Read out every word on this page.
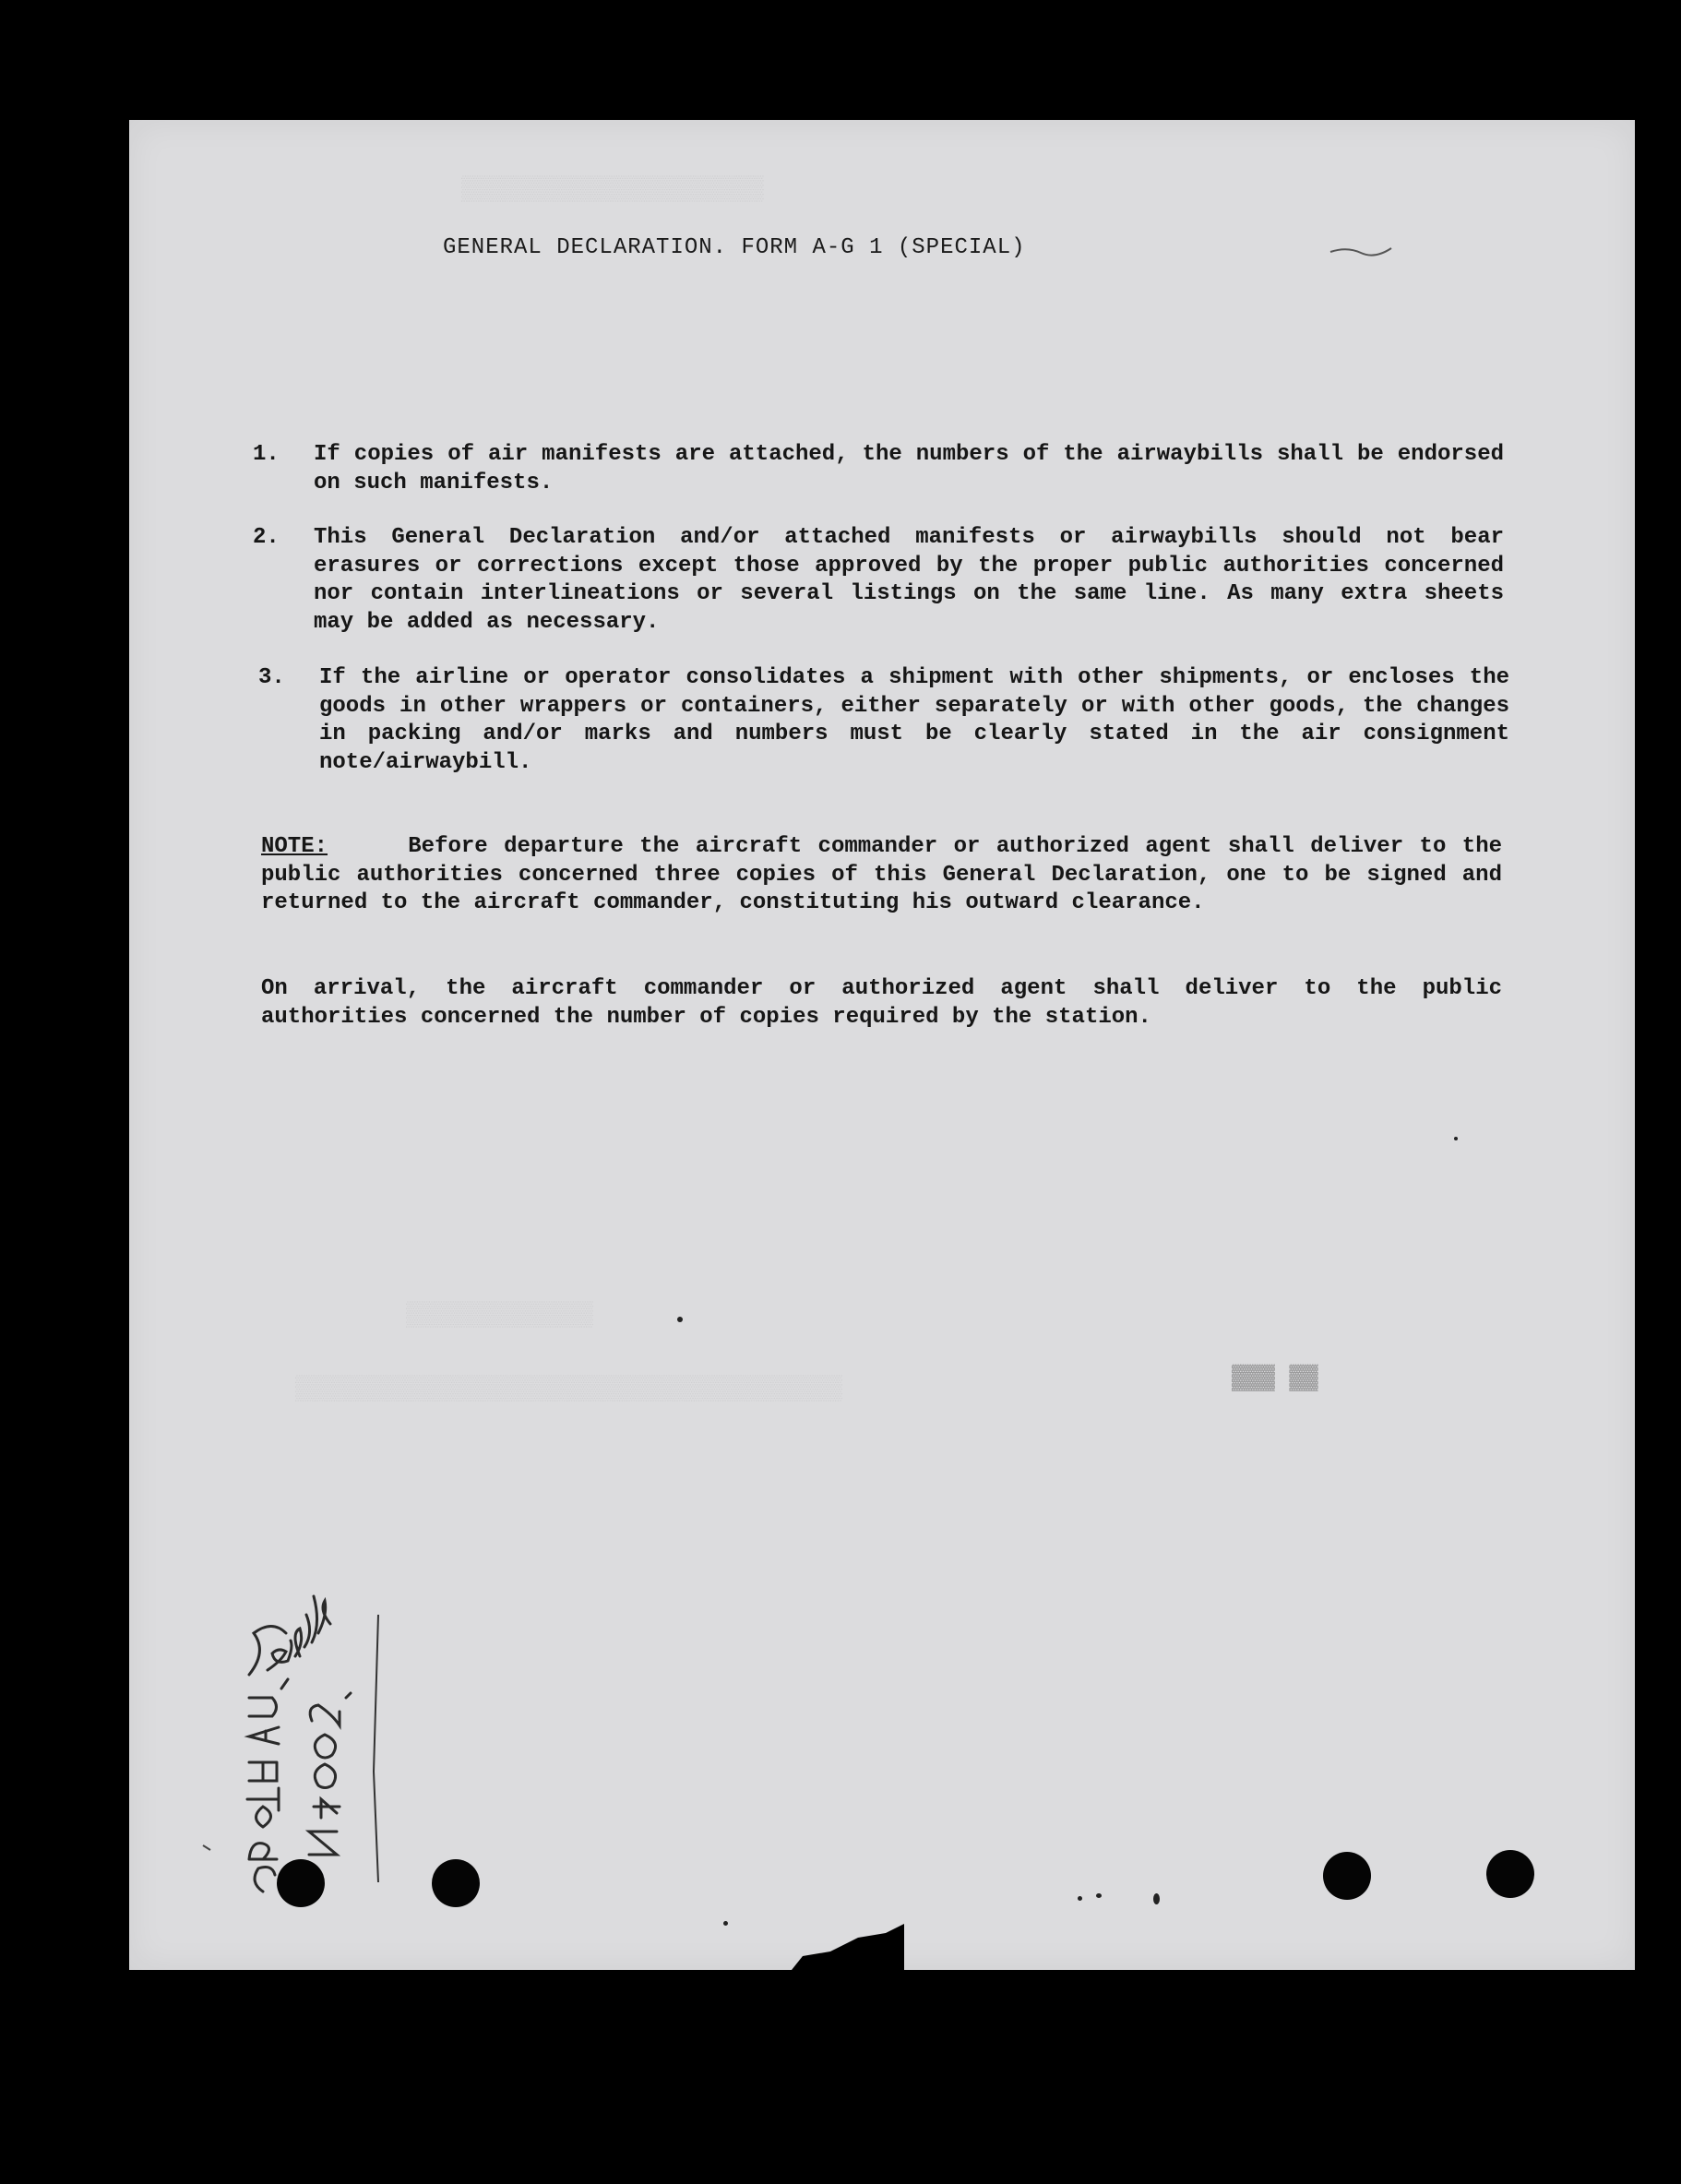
▒▒▒▒▒▒▒▒▒▒▒▒▒▒▒▒▒▒▒▒▒
▒▒▒▒▒▒▒▒▒▒▒▒▒
▒▒▒▒▒▒▒▒▒▒▒▒▒▒▒▒▒▒▒▒▒▒▒▒▒▒▒▒▒▒▒▒▒▒▒▒▒▒
GENERAL DECLARATION. FORM A-G 1 (SPECIAL)
1.	If copies of air manifests are attached, the numbers of the airwaybills shall be endorsed on such manifests.
2.	This General Declaration and/or attached manifests or airwaybills should not bear erasures or corrections except those approved by the proper public authorities concerned nor contain interlineations or several listings on the same line. As many extra sheets may be added as necessary.
3.	If the airline or operator consolidates a shipment with other shipments, or encloses the goods in other wrappers or containers, either separately or with other goods, the changes in packing and/or marks and numbers must be clearly stated in the air consignment note/airwaybill.
NOTE:	Before departure the aircraft commander or authorized agent shall deliver to the public authorities concerned three copies of this General Declaration, one to be signed and returned to the aircraft commander, constituting his outward clearance.
On arrival, the aircraft commander or authorized agent shall deliver to the public authorities concerned the number of copies required by the station.
▓▓▓ ▓▓
